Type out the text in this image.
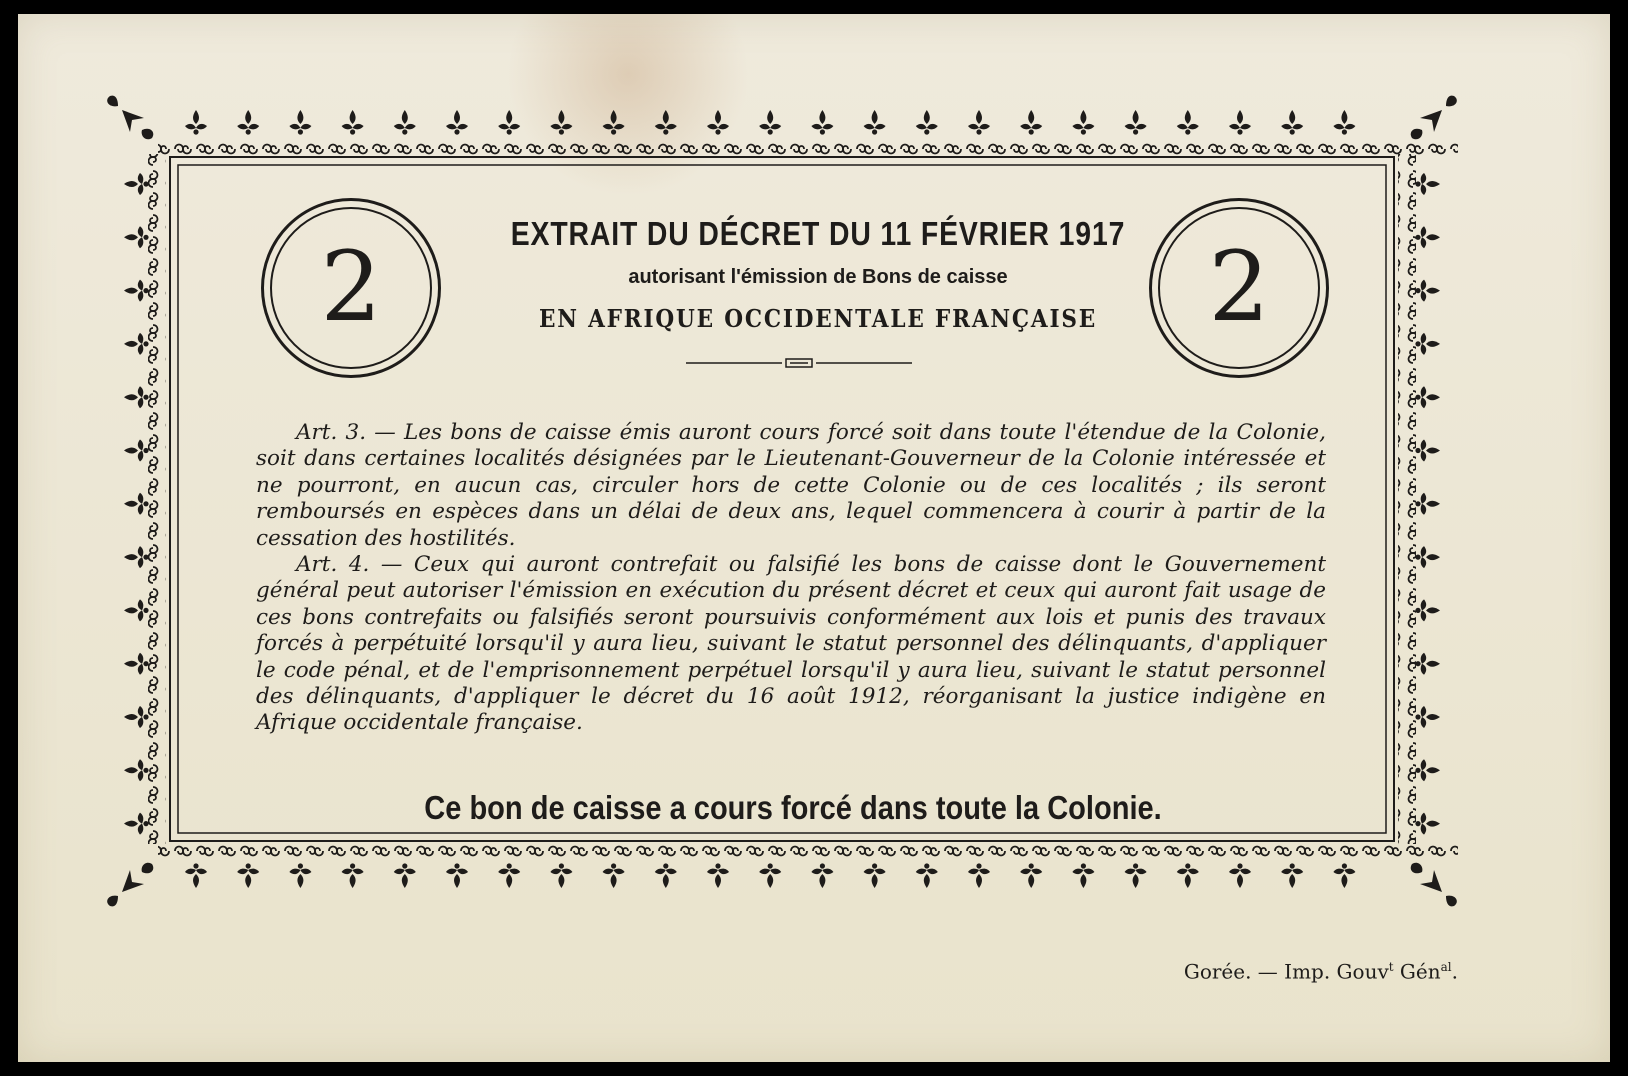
2	2
EXTRAIT DU DÉCRET DU 11 FÉVRIER 1917
autorisant l'émission de Bons de caisse
EN AFRIQUE OCCIDENTALE FRANÇAISE

Art. 3. — Les bons de caisse émis auront cours forcé soit dans toute l'étendue de la Colonie, soit dans certaines localités désignées par le Lieutenant-Gouverneur de la Colonie intéressée et ne pourront, en aucun cas, circuler hors de cette Colonie ou de ces localités ; ils seront remboursés en espèces dans un délai de deux ans, lequel commencera à courir à partir de la cessation des hostilités.

Art. 4. — Ceux qui auront contrefait ou falsifié les bons de caisse dont le Gouvernement général peut autoriser l'émission en exécution du présent décret et ceux qui auront fait usage de ces bons contrefaits ou falsifiés seront poursuivis conformément aux lois et punis des travaux forcés à perpétuité lorsqu'il y aura lieu, suivant le statut personnel des délinquants, d'appliquer le code pénal, et de l'emprisonnement perpétuel lorsqu'il y aura lieu, suivant le statut personnel des délinquants, d'appliquer le décret du 16 août 1912, réorganisant la justice indigène en Afrique occidentale française.

Ce bon de caisse a cours forcé dans toute la Colonie.
Gorée. — Imp. Gouv$^t$ Gén$^{al}$.
